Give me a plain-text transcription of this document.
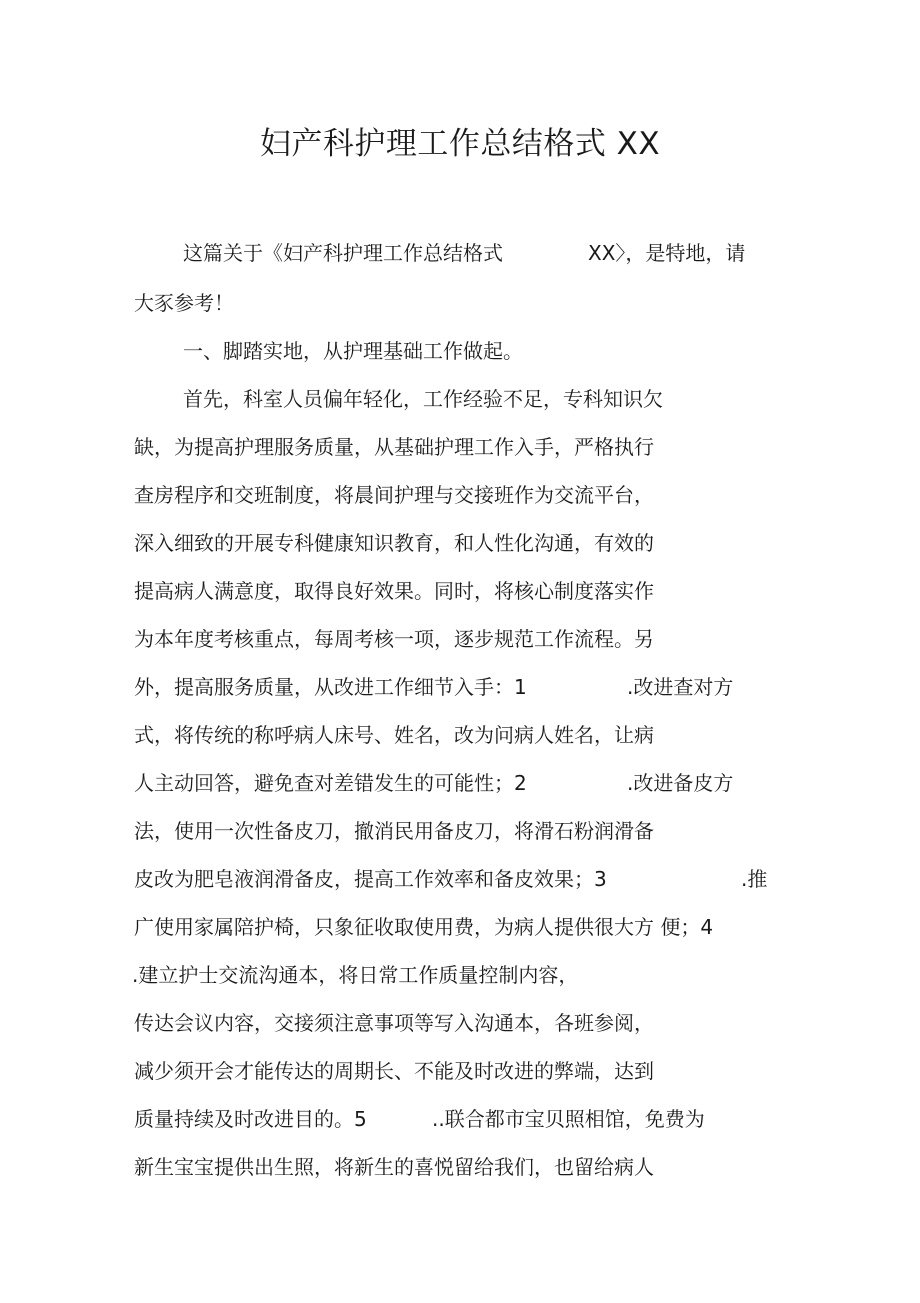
妇产科护理工作总结格式 XX
这篇关于《妇产科护理工作总结格式	XX〉，是特地，请
大豕参考！
一、脚踏实地，从护理基础工作做起。
首先，科室人员偏年轻化，工作经验不足，专科知识欠
缺，为提高护理服务质量，从基础护理工作入手，严格执行
查房程序和交班制度，将晨间护理与交接班作为交流平台，
深入细致的开展专科健康知识教育，和人性化沟通，有效的
提高病人满意度，取得良好效果。同时，将核心制度落实作
为本年度考核重点，每周考核一项，逐步规范工作流程。另
外，提高服务质量，从改进工作细节入手：1	.改进查对方
式，将传统的称呼病人床号、姓名，改为问病人姓名，让病
人主动回答，避免查对差错发生的可能性；2	.改进备皮方
法，使用一次性备皮刀，撤消民用备皮刀，将滑石粉润滑备
皮改为肥皂液润滑备皮，提高工作效率和备皮效果；3	.推
广使用家属陪护椅，只象征收取使用费，为病人提供很大方 便；4
.建立护士交流沟通本，将日常工作质量控制内容，
传达会议内容，交接须注意事项等写入沟通本，各班参阅，
减少须开会才能传达的周期长、不能及时改进的弊端，达到
质量持续及时改进目的。5	..联合都市宝贝照相馆，免费为
新生宝宝提供出生照，将新生的喜悦留给我们，也留给病人
